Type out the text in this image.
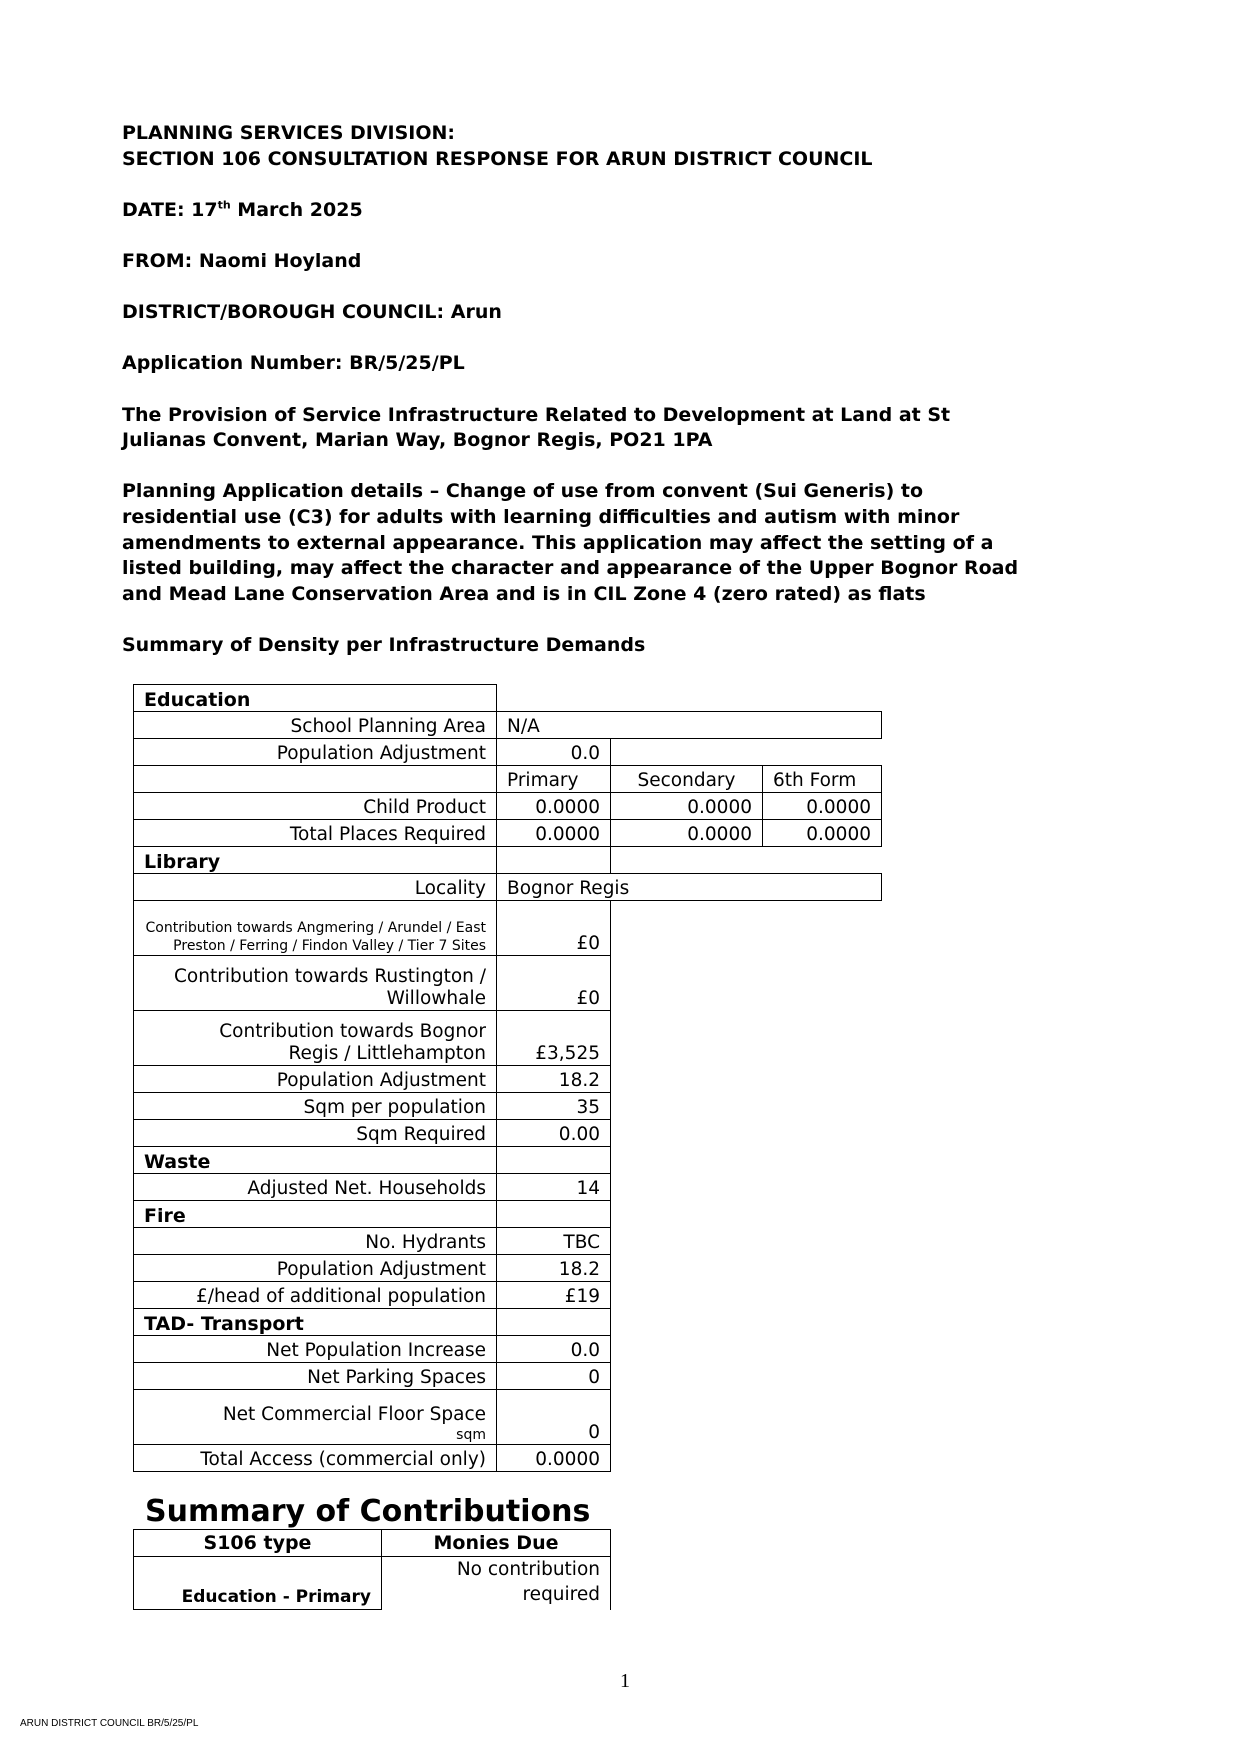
PLANNING SERVICES DIVISION:
SECTION 106 CONSULTATION RESPONSE FOR ARUN DISTRICT COUNCIL

DATE: 17th March 2025

FROM: Naomi Hoyland

DISTRICT/BOROUGH COUNCIL: Arun

Application Number: BR/5/25/PL

The Provision of Service Infrastructure Related to Development at Land at St
Julianas Convent, Marian Way, Bognor Regis, PO21 1PA

Planning Application details – Change of use from convent (Sui Generis) to
residential use (C3) for adults with learning difficulties and autism with minor
amendments to external appearance. This application may affect the setting of a
listed building, may affect the character and appearance of the Upper Bognor Road
and Mead Lane Conservation Area and is in CIL Zone 4 (zero rated) as flats

Summary of Density per Infrastructure Demands

Education			
School Planning Area	N/A		
Population Adjustment	0.0		
	Primary	Secondary	6th Form
Child Product	0.0000	0.0000	0.0000
Total Places Required	0.0000	0.0000	0.0000
Library			
Locality	Bognor Regis		
Contribution towards Angmering / Arundel / East Preston / Ferring / Findon Valley / Tier 7 Sites	£0		
Contribution towards Rustington / Willowhale	£0		
Contribution towards Bognor Regis / Littlehampton	£3,525		
Population Adjustment	18.2		
Sqm per population	35		
Sqm Required	0.00		
Waste			
Adjusted Net. Households	14		
Fire			
No. Hydrants	TBC		
Population Adjustment	18.2		
£/head of additional population	£19		
TAD- Transport			
Net Population Increase	0.0		
Net Parking Spaces	0		

Net Commercial Floor Space
sqm	0		
Total Access (commercial only)	0.0000		
Summary of Contributions
S106 type	Monies Due
Education - Primary	No contribution
required
1
ARUN DISTRICT COUNCIL BR/5/25/PL
